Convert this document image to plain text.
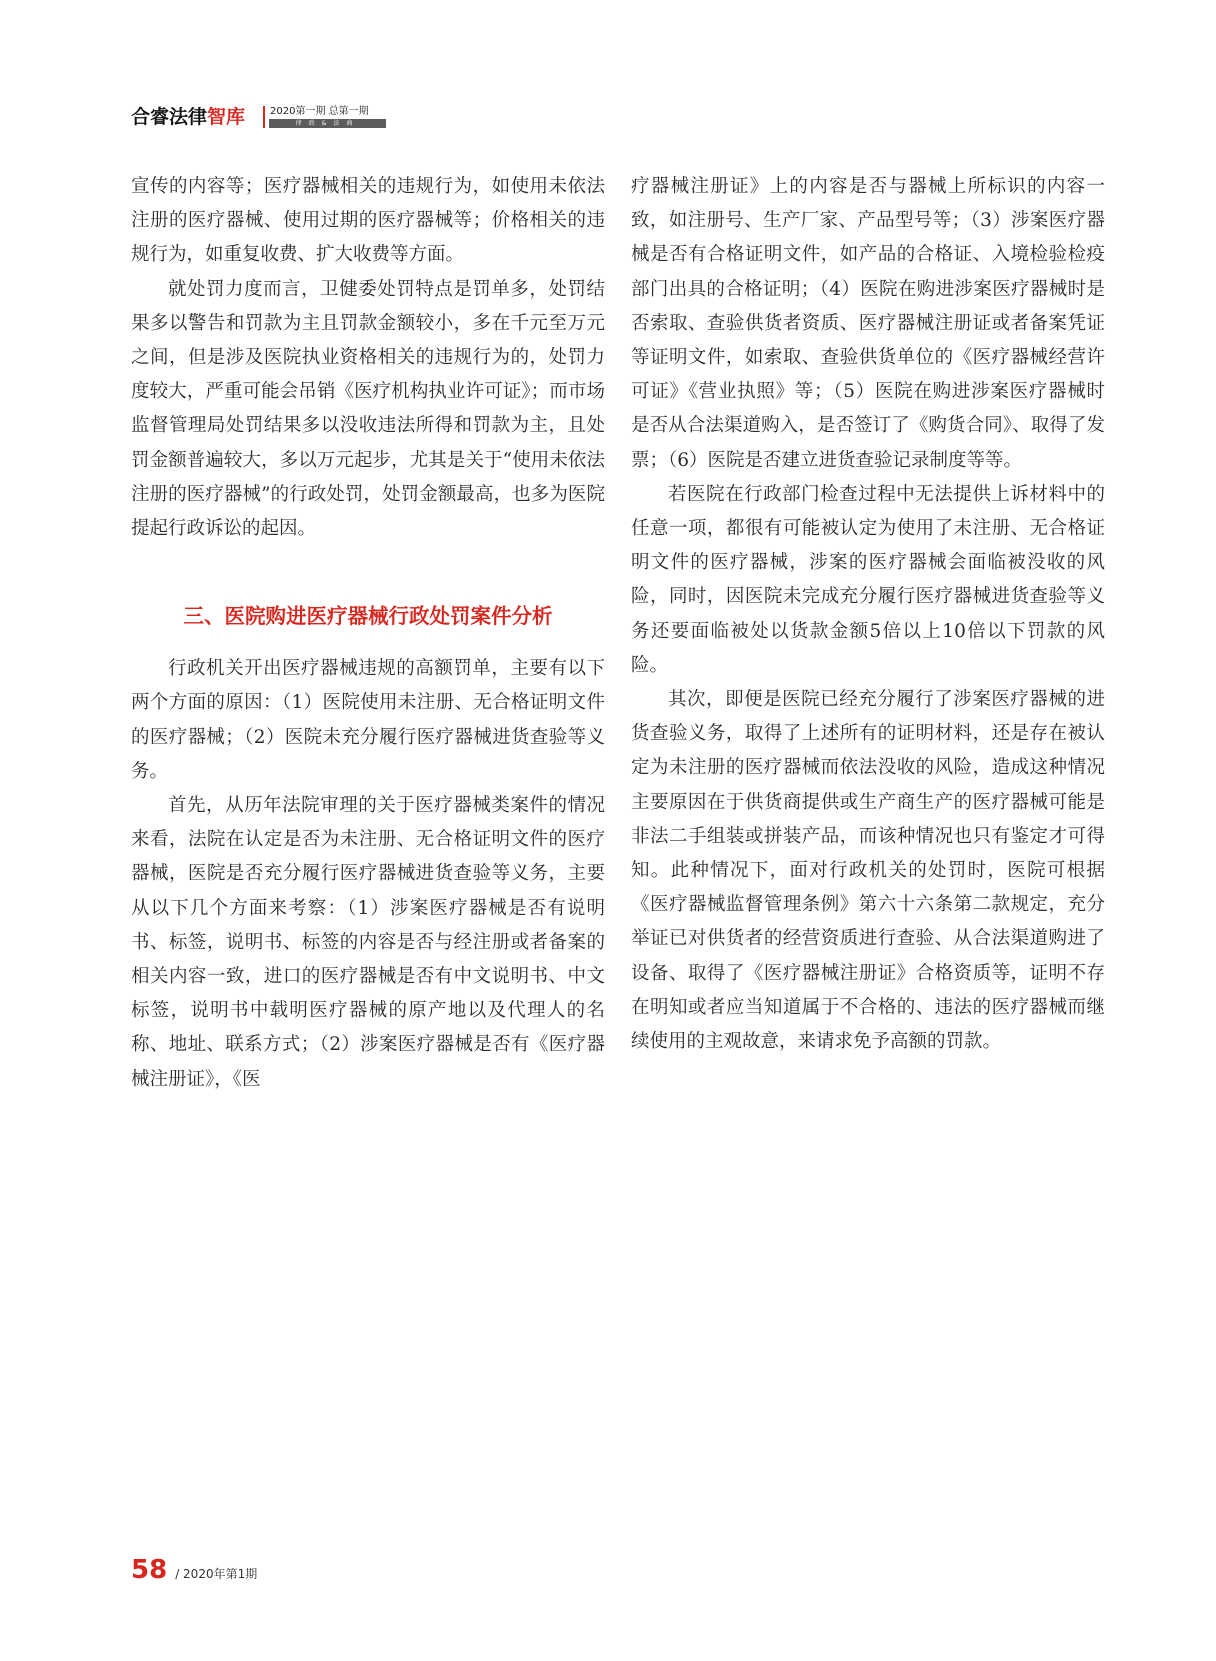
合睿法律智库 2020第一期 总第一期
律政&法商

宣传的内容等；医疗器械相关的违规行为，如使用未依法注册的医疗器械、使用过期的医疗器械等；价格相关的违规行为，如重复收费、扩大收费等方面。

就处罚力度而言，卫健委处罚特点是罚单多，处罚结果多以警告和罚款为主且罚款金额较小，多在千元至万元之间，但是涉及医院执业资格相关的违规行为的，处罚力度较大，严重可能会吊销《医疗机构执业许可证》；而市场监督管理局处罚结果多以没收违法所得和罚款为主，且处罚金额普遍较大，多以万元起步，尤其是关于“使用未依法注册的医疗器械”的行政处罚，处罚金额最高，也多为医院提起行政诉讼的起因。

三、医院购进医疗器械行政处罚案件分析

行政机关开出医疗器械违规的高额罚单，主要有以下两个方面的原因：（1）医院使用未注册、无合格证明文件的医疗器械；（2）医院未充分履行医疗器械进货查验等义务。

首先，从历年法院审理的关于医疗器械类案件的情况来看，法院在认定是否为未注册、无合格证明文件的医疗器械，医院是否充分履行医疗器械进货查验等义务，主要从以下几个方面来考察：（1）涉案医疗器械是否有说明书、标签，说明书、标签的内容是否与经注册或者备案的相关内容一致，进口的医疗器械是否有中文说明书、中文标签，说明书中载明医疗器械的原产地以及代理人的名称、地址、联系方式；（2）涉案医疗器械是否有《医疗器械注册证》，《医

疗器械注册证》上的内容是否与器械上所标识的内容一致，如注册号、生产厂家、产品型号等；（3）涉案医疗器械是否有合格证明文件，如产品的合格证、入境检验检疫部门出具的合格证明；（4）医院在购进涉案医疗器械时是否索取、查验供货者资质、医疗器械注册证或者备案凭证等证明文件，如索取、查验供货单位的《医疗器械经营许可证》《营业执照》等；（5）医院在购进涉案医疗器械时是否从合法渠道购入，是否签订了《购货合同》、取得了发票；（6）医院是否建立进货查验记录制度等等。

若医院在行政部门检查过程中无法提供上诉材料中的任意一项，都很有可能被认定为使用了未注册、无合格证明文件的医疗器械，涉案的医疗器械会面临被没收的风险，同时，因医院未完成充分履行医疗器械进货查验等义务还要面临被处以货款金额5倍以上10倍以下罚款的风险。

其次，即便是医院已经充分履行了涉案医疗器械的进货查验义务，取得了上述所有的证明材料，还是存在被认定为未注册的医疗器械而依法没收的风险，造成这种情况主要原因在于供货商提供或生产商生产的医疗器械可能是非法二手组装或拼装产品，而该种情况也只有鉴定才可得知。此种情况下，面对行政机关的处罚时，医院可根据《医疗器械监督管理条例》第六十六条第二款规定，充分举证已对供货者的经营资质进行查验、从合法渠道购进了设备、取得了《医疗器械注册证》合格资质等，证明不存在明知或者应当知道属于不合格的、违法的医疗器械而继续使用的主观故意，来请求免予高额的罚款。

58 / 2020年第1期
